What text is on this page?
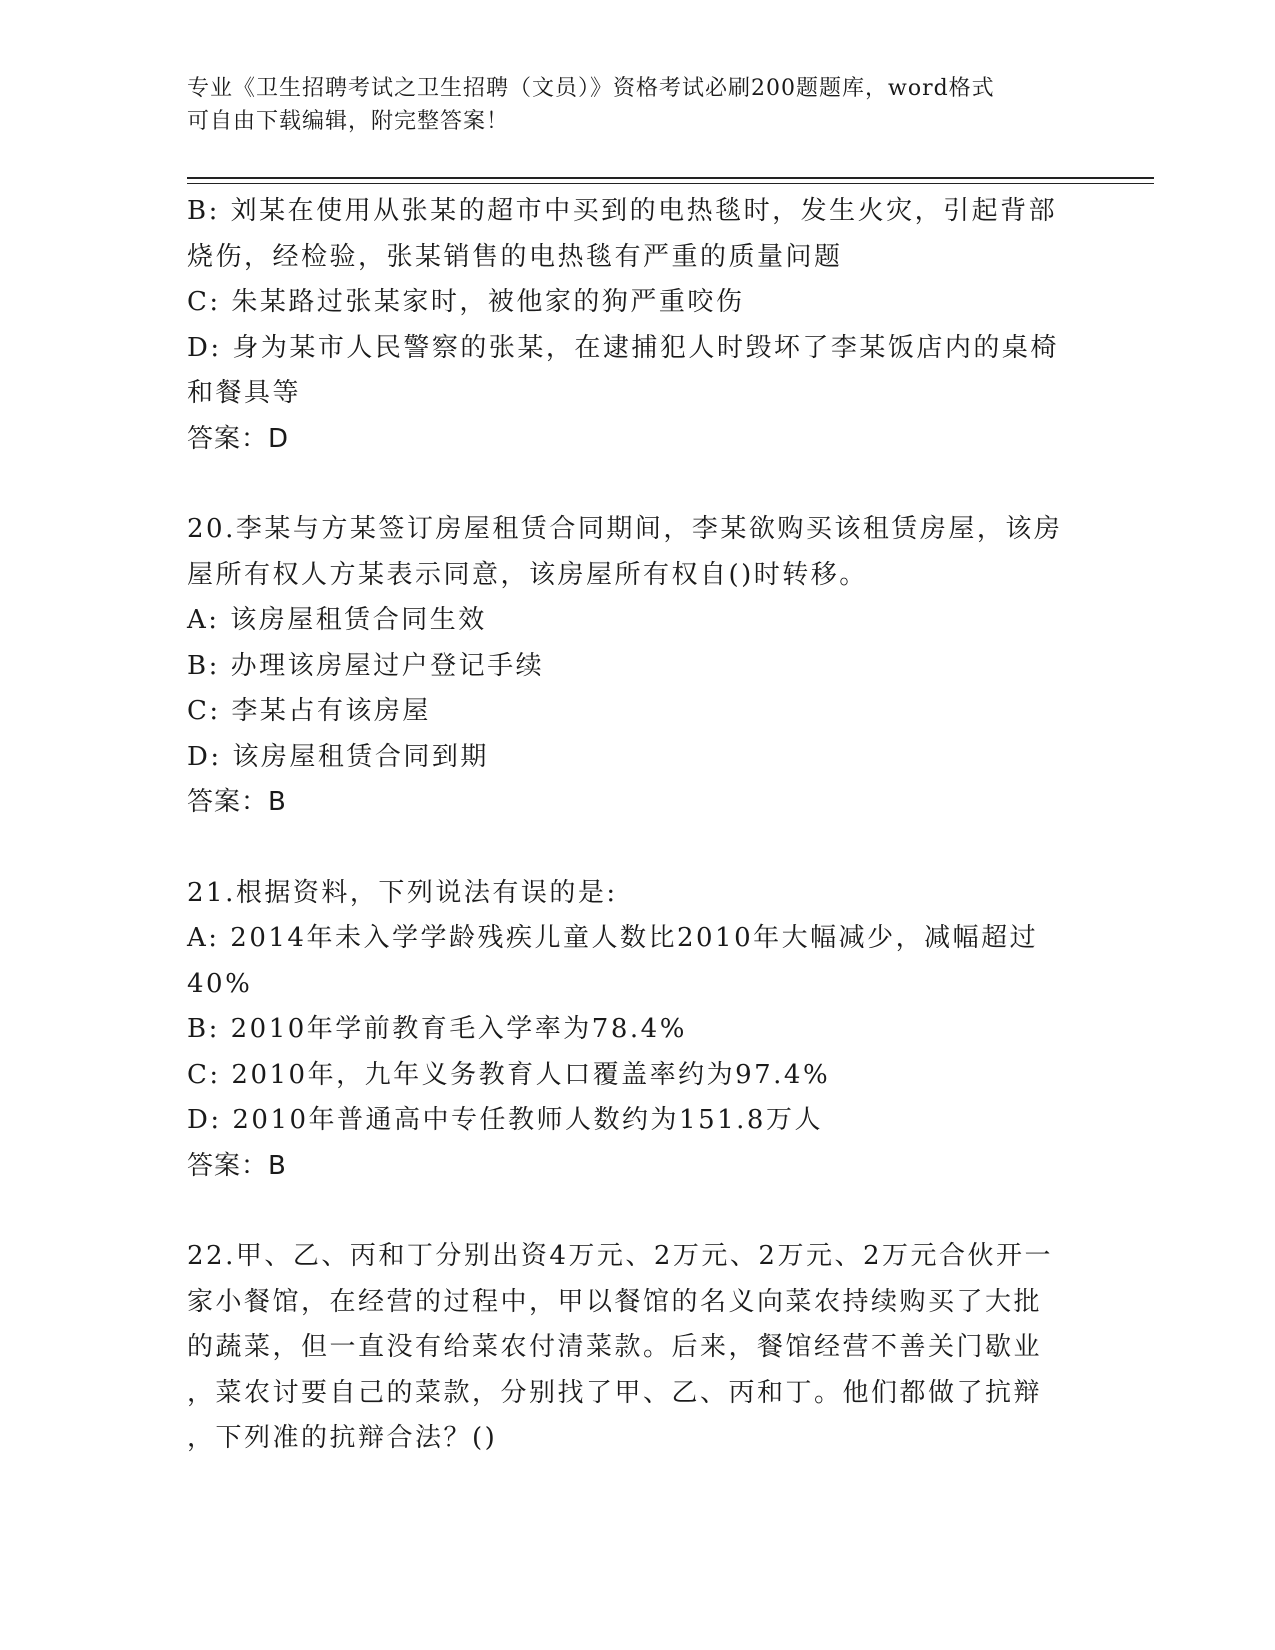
专业《卫生招聘考试之卫生招聘（文员）》资格考试必刷200题题库，word格式
可自由下载编辑，附完整答案！

B: 刘某在使用从张某的超市中买到的电热毯时，发生火灾，引起背部

烧伤，经检验，张某销售的电热毯有严重的质量问题

C: 朱某路过张某家时，被他家的狗严重咬伤

D: 身为某市人民警察的张某，在逮捕犯人时毁坏了李某饭店内的桌椅

和餐具等

答案：D

20.李某与方某签订房屋租赁合同期间，李某欲购买该租赁房屋，该房

屋所有权人方某表示同意，该房屋所有权自()时转移。

A: 该房屋租赁合同生效

B: 办理该房屋过户登记手续

C: 李某占有该房屋

D: 该房屋租赁合同到期

答案：B

21.根据资料，下列说法有误的是:

A: 2014年未入学学龄残疾儿童人数比2010年大幅减少，减幅超过

40%

B: 2010年学前教育毛入学率为78.4%

C: 2010年，九年义务教育人口覆盖率约为97.4%

D: 2010年普通高中专任教师人数约为151.8万人

答案：B

22.甲、乙、丙和丁分别出资4万元、2万元、2万元、2万元合伙开一

家小餐馆，在经营的过程中，甲以餐馆的名义向菜农持续购买了大批

的蔬菜，但一直没有给菜农付清菜款。后来，餐馆经营不善关门歇业

，菜农讨要自己的菜款，分别找了甲、乙、丙和丁。他们都做了抗辩

，下列准的抗辩合法？()
